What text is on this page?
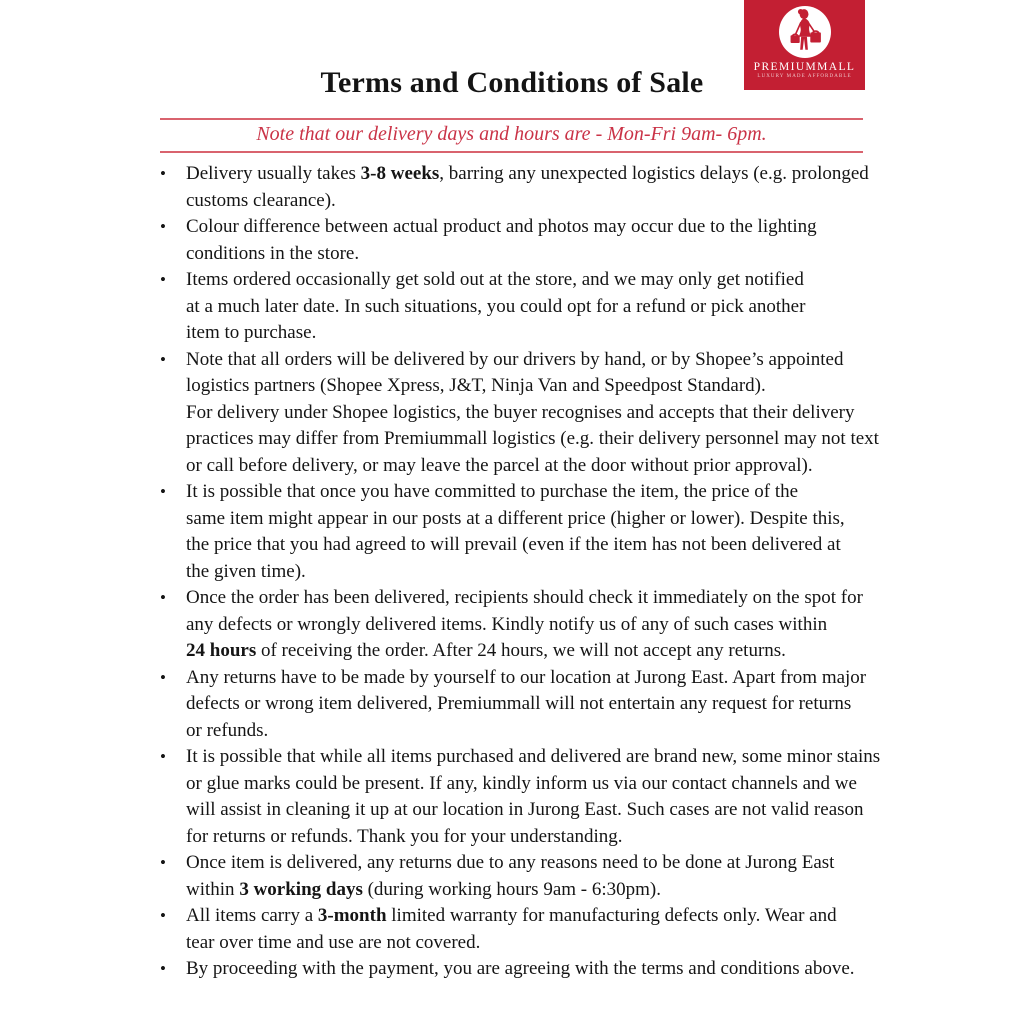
PREMIUMMALL
LUXURY MADE AFFORDABLE
Terms and Conditions of Sale
Note that our delivery days and hours are - Mon-Fri 9am- 6pm.
•	Delivery usually takes 3-8 weeks, barring any unexpected logistics delays (e.g. prolonged
customs clearance).
•	Colour difference between actual product and photos may occur due to the lighting
conditions in the store.
•	Items ordered occasionally get sold out at the store, and we may only get notified
at a much later date. In such situations, you could opt for a refund or pick another
item to purchase.
•	Note that all orders will be delivered by our drivers by hand, or by Shopee’s appointed
logistics partners (Shopee Xpress, J&T, Ninja Van and Speedpost Standard).
For delivery under Shopee logistics, the buyer recognises and accepts that their delivery
practices may differ from Premiummall logistics (e.g. their delivery personnel may not text
or call before delivery, or may leave the parcel at the door without prior approval).
•	It is possible that once you have committed to purchase the item, the price of the
same item might appear in our posts at a different price (higher or lower). Despite this,
the price that you had agreed to will prevail (even if the item has not been delivered at
the given time).
•	Once the order has been delivered, recipients should check it immediately on the spot for
any defects or wrongly delivered items. Kindly notify us of any of such cases within
24 hours of receiving the order. After 24 hours, we will not accept any returns.
•	Any returns have to be made by yourself to our location at Jurong East. Apart from major
defects or wrong item delivered, Premiummall will not entertain any request for returns
or refunds.
•	It is possible that while all items purchased and delivered are brand new, some minor stains
or glue marks could be present. If any, kindly inform us via our contact channels and we
will assist in cleaning it up at our location in Jurong East. Such cases are not valid reason
for returns or refunds. Thank you for your understanding.
•	Once item is delivered, any returns due to any reasons need to be done at Jurong East
within 3 working days (during working hours 9am - 6:30pm).
•	All items carry a 3-month limited warranty for manufacturing defects only. Wear and
tear over time and use are not covered.
•	By proceeding with the payment, you are agreeing with the terms and conditions above.
